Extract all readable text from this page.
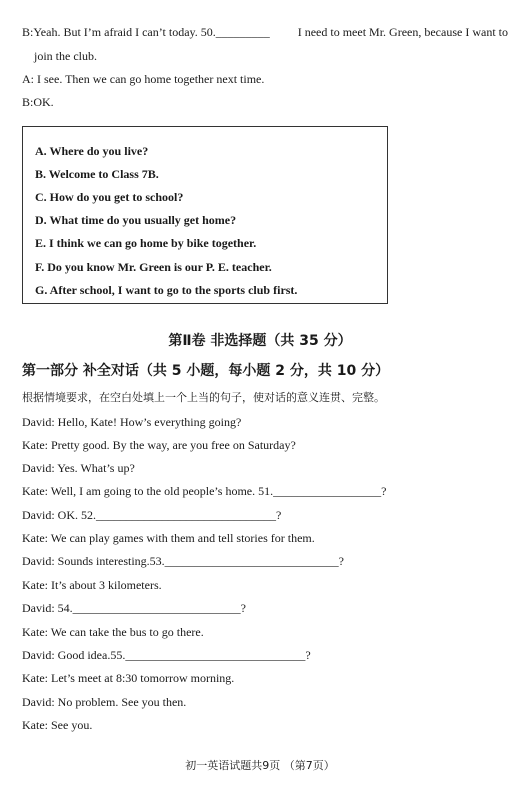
B:Yeah. But I’m afraid I can’t today. 50._________ I need to meet Mr. Green, because I want to
join the club.
A: I see. Then we can go home together next time.
B:OK.
A. Where do you live?
B. Welcome to Class 7B.
C. How do you get to school?
D. What time do you usually get home?
E. I think we can go home by bike together.
F. Do you know Mr. Green is our P. E. teacher.
G. After school, I want to go to the sports club first.
第Ⅱ卷 非选择题（共 35 分）
第一部分 补全对话（共 5 小题，每小题 2 分，共 10 分）
根据情境要求，在空白处填上一个上当的句子，使对话的意义连贯、完整。
David: Hello, Kate! How’s everything going?
Kate: Pretty good. By the way, are you free on Saturday?
David: Yes. What’s up?
Kate: Well, I am going to the old people’s home. 51.__________________?
David: OK. 52.______________________________?
Kate: We can play games with them and tell stories for them.
David: Sounds interesting.53._____________________________?
Kate: It’s about 3 kilometers.
David: 54.____________________________?
Kate: We can take the bus to go there.
David: Good idea.55.______________________________?
Kate: Let’s meet at 8:30 tomorrow morning.
David: No problem. See you then.
Kate: See you.
初一英语试题共9页 （第7页）
